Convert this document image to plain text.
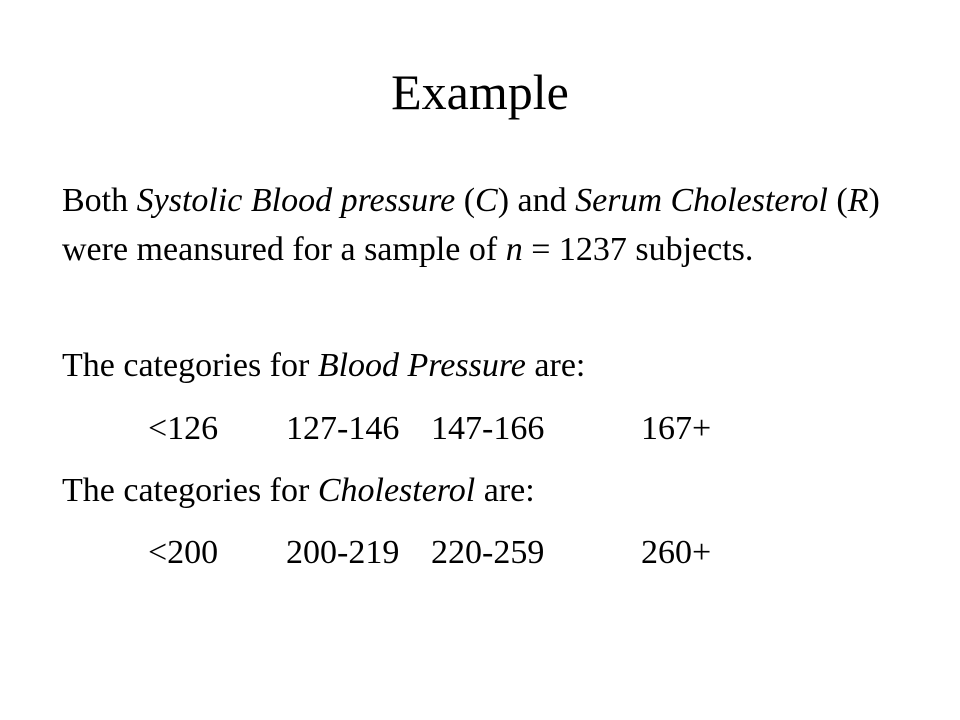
Example

Both Systolic Blood pressure (C) and Serum Cholesterol (R) were meansured for a sample of n = 1237 subjects.

The categories for Blood Pressure are:

<126 127-146 147-166	167+

The categories for Cholesterol are:

<200 200-219 220-259	260+
